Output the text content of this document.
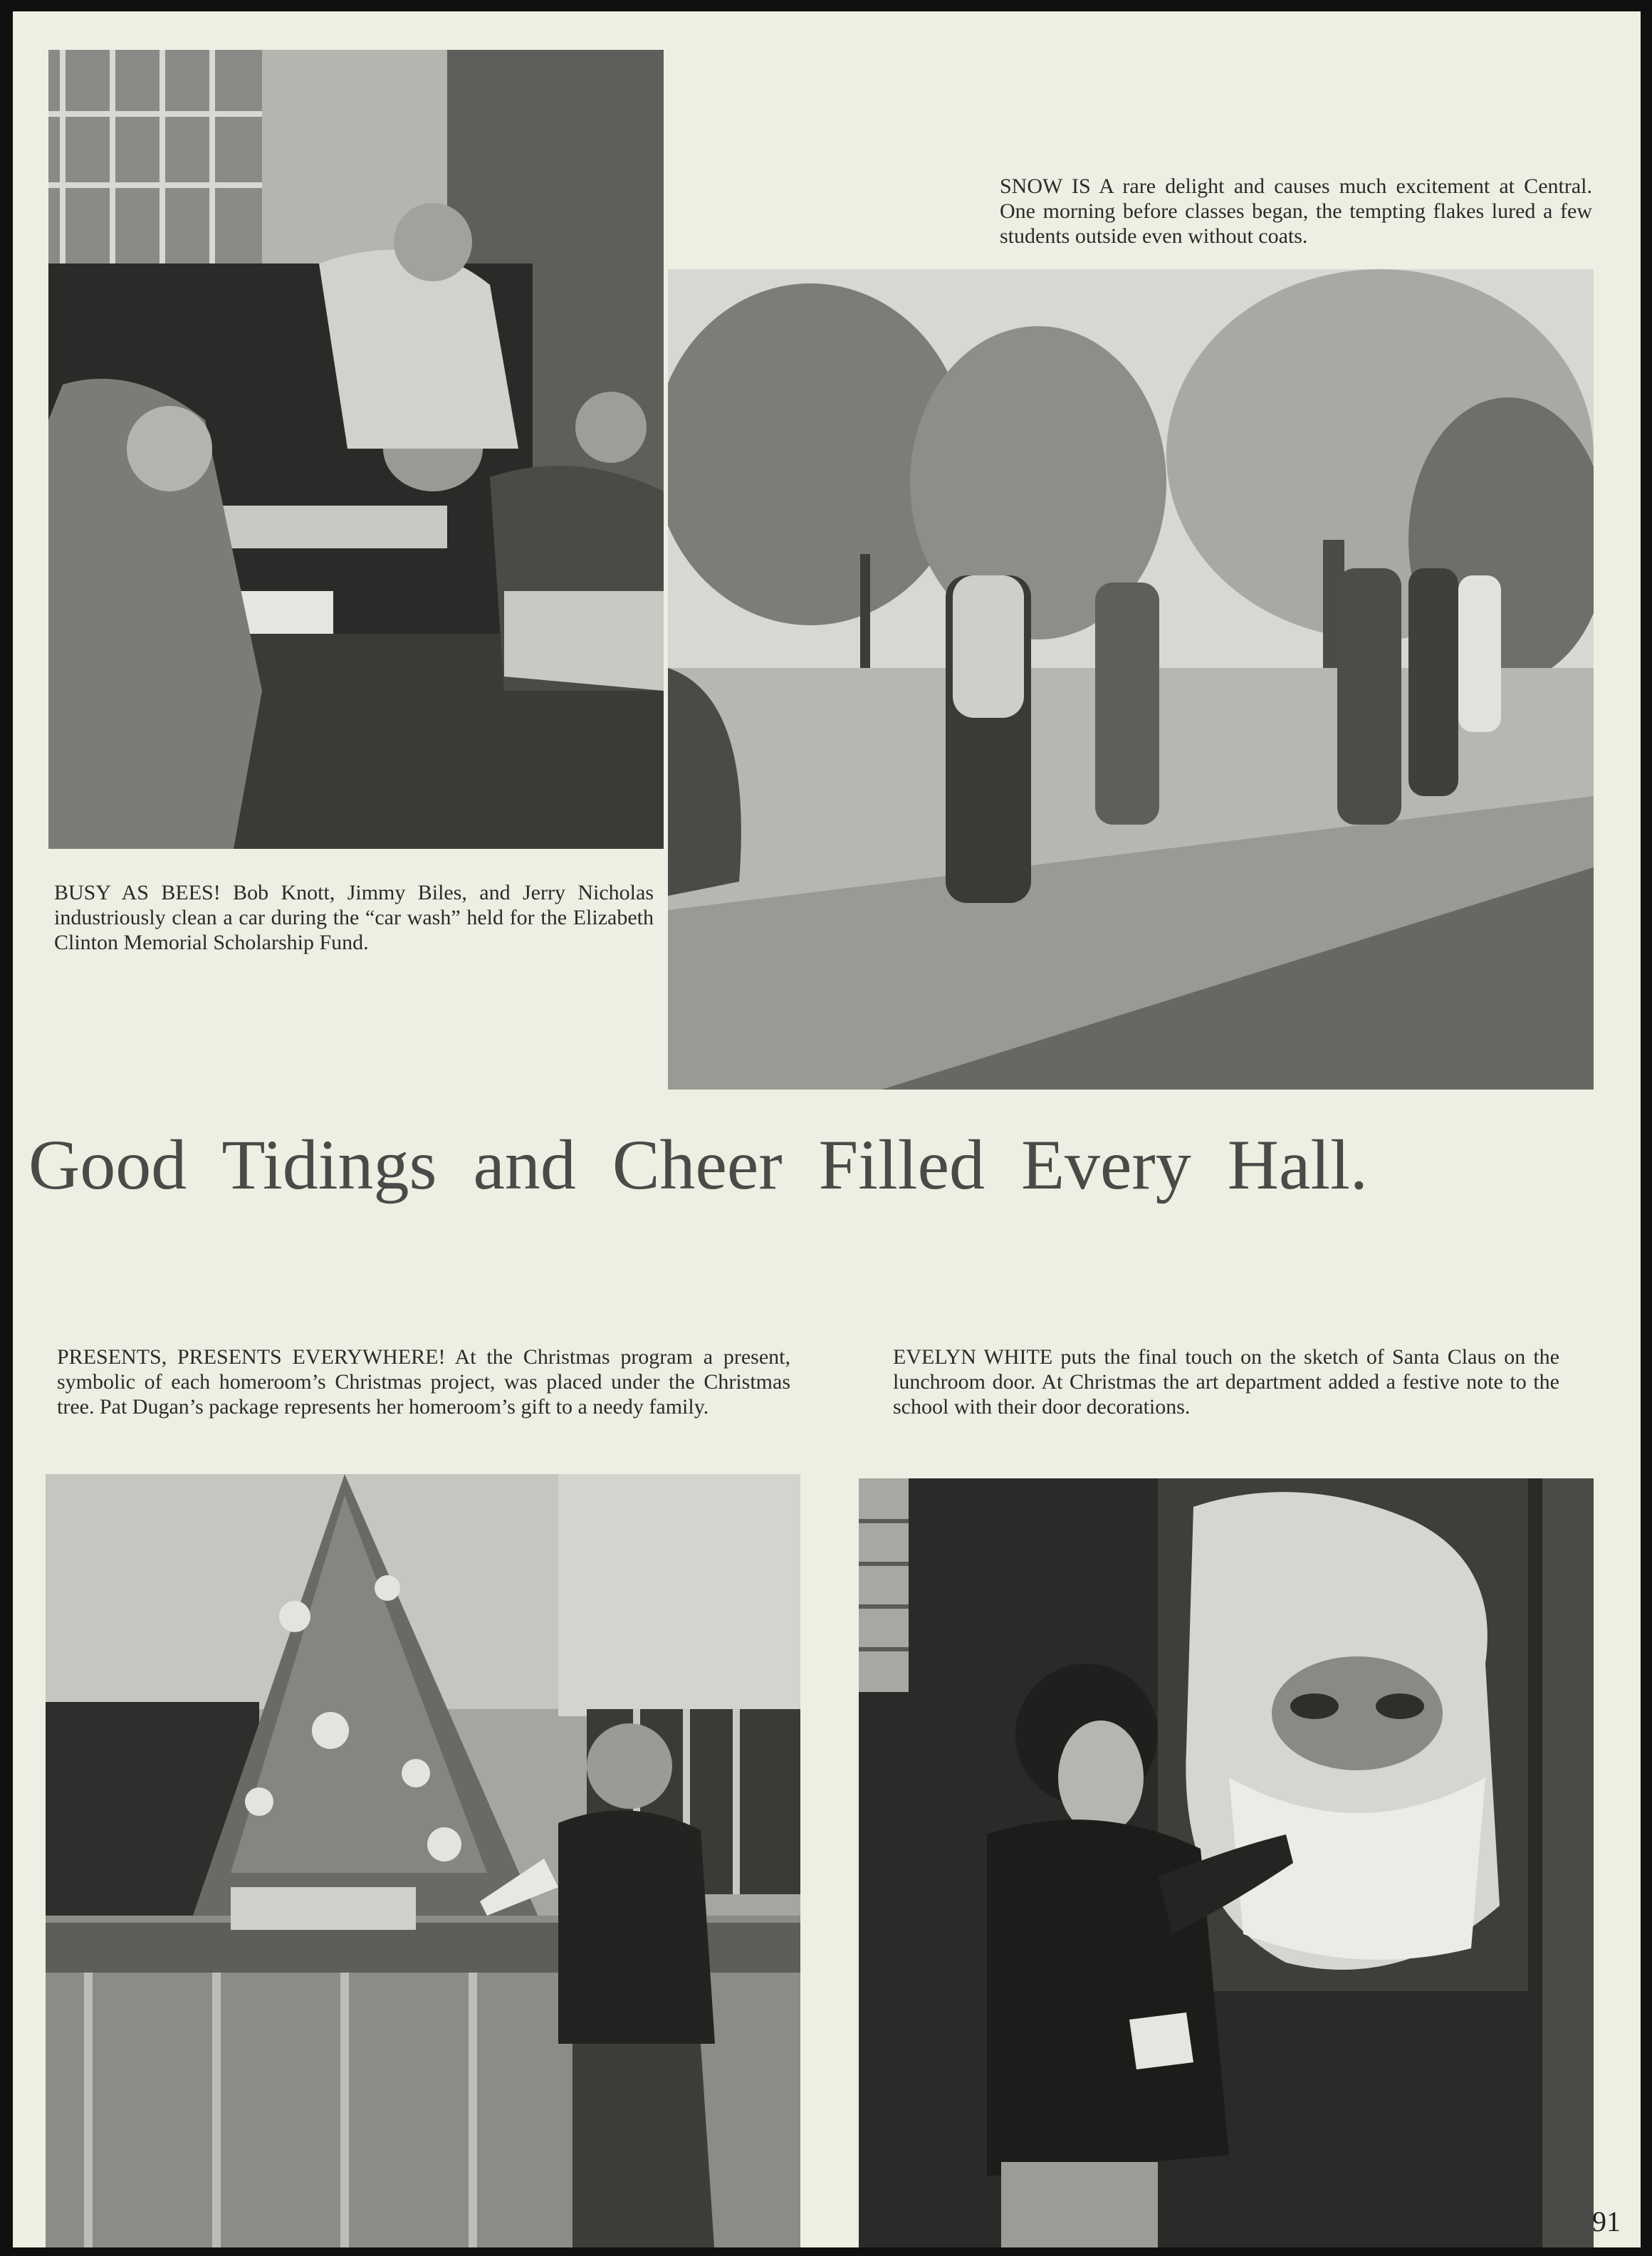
SNOW IS A rare delight and causes much excitement at Central. One morning before classes began, the tempting flakes lured a few students outside even without coats.

BUSY AS BEES! Bob Knott, Jimmy Biles, and Jerry Nicholas industriously clean a car during the “car wash” held for the Elizabeth Clinton Memorial Scholarship Fund.

Good Tidings and Cheer Filled Every Hall.

PRESENTS, PRESENTS EVERYWHERE! At the Christmas program a present, symbolic of each homeroom’s Christmas project, was placed under the Christmas tree. Pat Dugan’s package represents her homeroom’s gift to a needy family.

EVELYN WHITE puts the final touch on the sketch of Santa Claus on the lunchroom door. At Christmas the art department added a festive note to the school with their door decorations.

91
